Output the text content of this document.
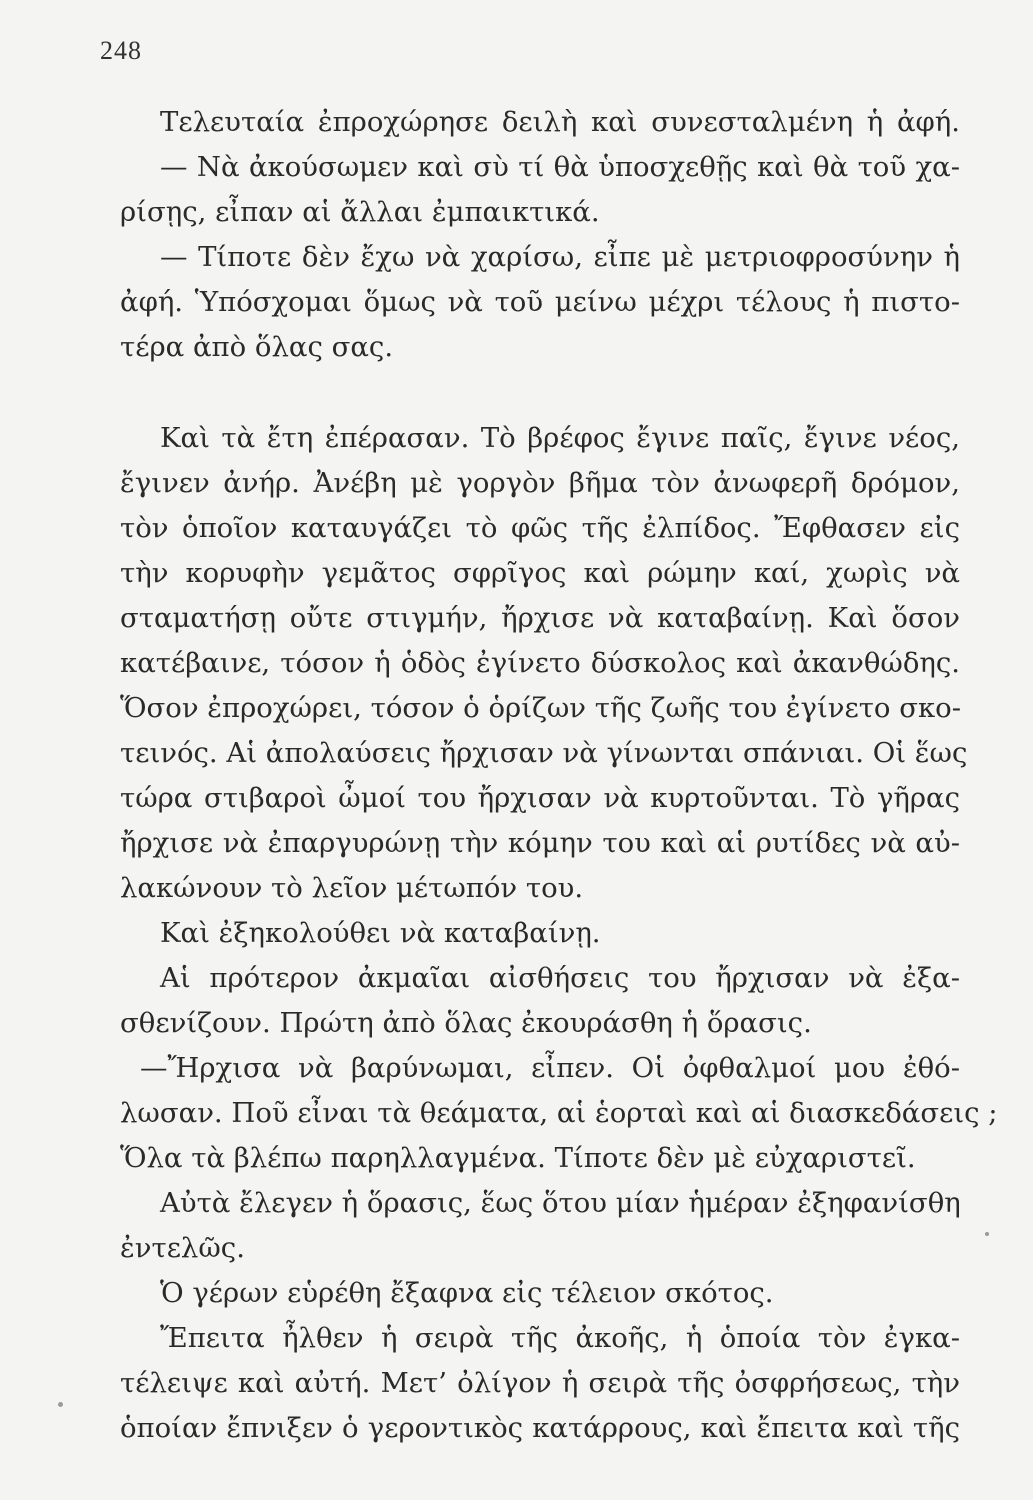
248
Τελευταία ἐπροχώρησε δειλὴ καὶ συνεσταλμένη ἡ ἀφή.
— Νὰ ἀκούσωμεν καὶ σὺ τί θὰ ὑποσχεθῇς καὶ θὰ τοῦ χα-
ρίσῃς, εἶπαν αἱ ἄλλαι ἐμπαικτικά.
— Τίποτε δὲν ἔχω νὰ χαρίσω, εἶπε μὲ μετριοφροσύνην ἡ
ἀφή. Ὑπόσχομαι ὅμως νὰ τοῦ μείνω μέχρι τέλους ἡ πιστο-
τέρα ἀπὸ ὅλας σας.
Καὶ τὰ ἔτη ἐπέρασαν. Τὸ βρέφος ἔγινε παῖς, ἔγινε νέος,
ἔγινεν ἀνήρ. Ἀνέβη μὲ γοργὸν βῆμα τὸν ἀνωφερῆ δρόμον,
τὸν ὁποῖον καταυγάζει τὸ φῶς τῆς ἐλπίδος. Ἔφθασεν εἰς
τὴν κορυφὴν γεμᾶτος σφρῖγος καὶ ρώμην καί, χωρὶς νὰ
σταματήσῃ οὔτε στιγμήν, ἤρχισε νὰ καταβαίνῃ. Καὶ ὅσον
κατέβαινε, τόσον ἡ ὁδὸς ἐγίνετο δύσκολος καὶ ἀκανθώδης.
Ὅσον ἐπροχώρει, τόσον ὁ ὁρίζων τῆς ζωῆς του ἐγίνετο σκο-
τεινός. Αἱ ἀπολαύσεις ἤρχισαν νὰ γίνωνται σπάνιαι. Οἱ ἕως
τώρα στιβαροὶ ὦμοί του ἤρχισαν νὰ κυρτοῦνται. Τὸ γῆρας
ἤρχισε νὰ ἐπαργυρώνῃ τὴν κόμην του καὶ αἱ ρυτίδες νὰ αὐ-
λακώνουν τὸ λεῖον μέτωπόν του.
Καὶ ἐξηκολούθει νὰ καταβαίνῃ.
Αἱ πρότερον ἀκμαῖαι αἰσθήσεις του ἤρχισαν νὰ ἐξα-
σθενίζουν. Πρώτη ἀπὸ ὅλας ἐκουράσθη ἡ ὅρασις.
—Ἤρχισα νὰ βαρύνωμαι, εἶπεν. Οἱ ὀφθαλμοί μου ἐθό-
λωσαν. Ποῦ εἶναι τὰ θεάματα, αἱ ἑορταὶ καὶ αἱ διασκεδάσεις ;
Ὅλα τὰ βλέπω παρηλλαγμένα. Τίποτε δὲν μὲ εὐχαριστεῖ.
Αὐτὰ ἔλεγεν ἡ ὅρασις, ἕως ὅτου μίαν ἡμέραν ἐξηφανίσθη
ἐντελῶς.
Ὁ γέρων εὑρέθη ἔξαφνα εἰς τέλειον σκότος.
Ἔπειτα ἦλθεν ἡ σειρὰ τῆς ἀκοῆς, ἡ ὁποία τὸν ἐγκα-
τέλειψε καὶ αὐτή. Μετ’ ὀλίγον ἡ σειρὰ τῆς ὀσφρήσεως, τὴν
ὁποίαν ἔπνιξεν ὁ γεροντικὸς κατάρρους, καὶ ἔπειτα καὶ τῆς
